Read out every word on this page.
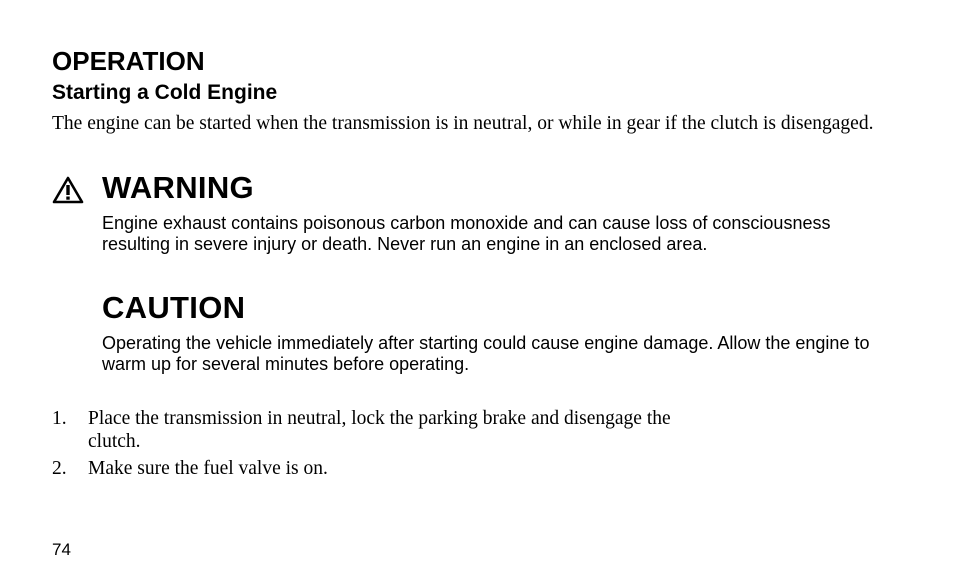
OPERATION
Starting a Cold Engine

The engine can be started when the transmission is in neutral, or while in gear if the clutch is disengaged.

WARNING

Engine exhaust contains poisonous carbon monoxide and can cause loss of consciousness resulting in severe injury or death. Never run an engine in an enclosed area.

CAUTION

Operating the vehicle immediately after starting could cause engine damage. Allow the engine to warm up for several minutes before operating.

1.	Place the transmission in neutral, lock the parking brake and disengage the clutch.
2.	Make sure the fuel valve is on.

74
